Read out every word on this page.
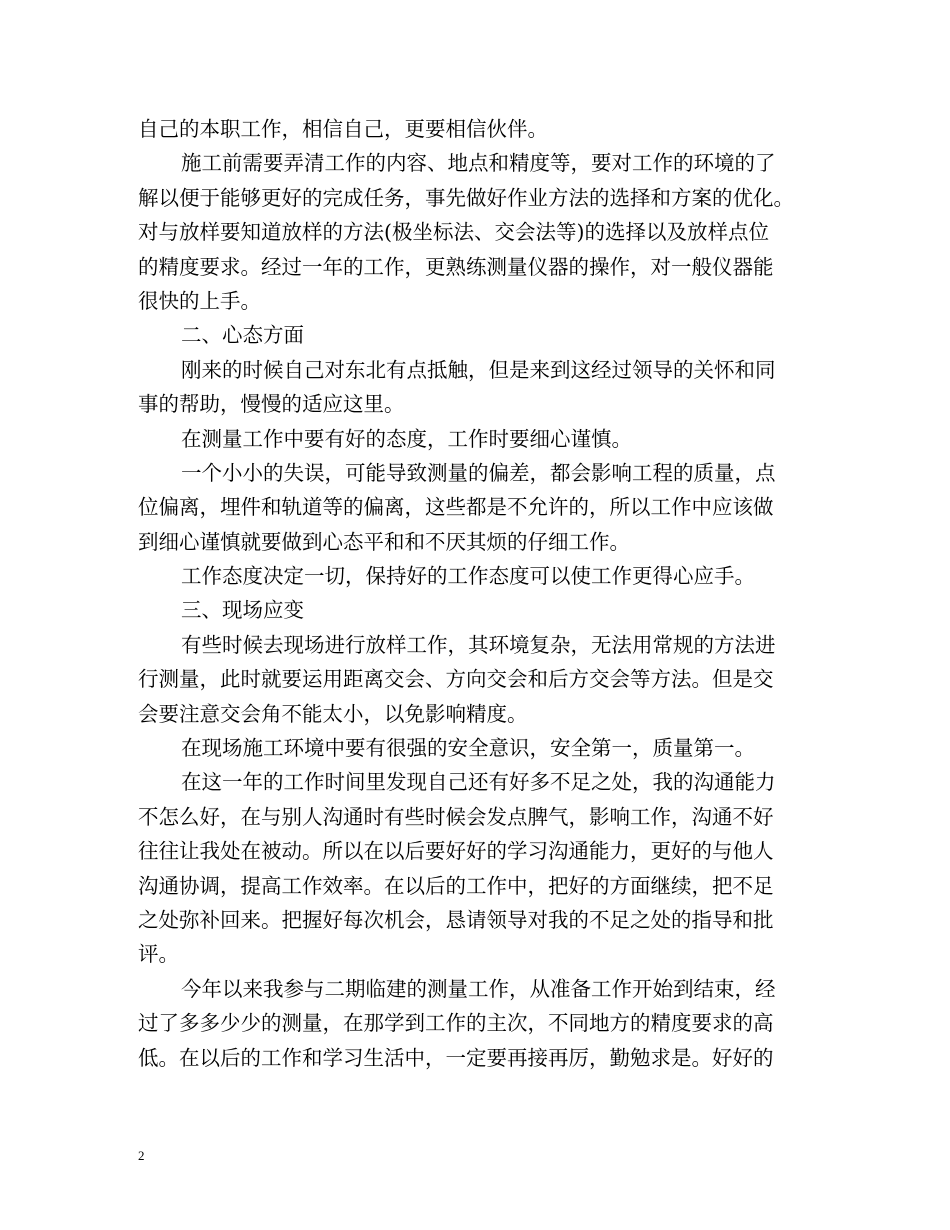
自己的本职工作，相信自己，更要相信伙伴。
施工前需要弄清工作的内容、地点和精度等，要对工作的环境的了
解以便于能够更好的完成任务，事先做好作业方法的选择和方案的优化。
对与放样要知道放样的方法(极坐标法、交会法等)的选择以及放样点位
的精度要求。经过一年的工作，更熟练测量仪器的操作，对一般仪器能
很快的上手。
二、心态方面
刚来的时候自己对东北有点抵触，但是来到这经过领导的关怀和同
事的帮助，慢慢的适应这里。
在测量工作中要有好的态度，工作时要细心谨慎。
一个小小的失误，可能导致测量的偏差，都会影响工程的质量，点
位偏离，埋件和轨道等的偏离，这些都是不允许的，所以工作中应该做
到细心谨慎就要做到心态平和和不厌其烦的仔细工作。
工作态度决定一切，保持好的工作态度可以使工作更得心应手。
三、现场应变
有些时候去现场进行放样工作，其环境复杂，无法用常规的方法进
行测量，此时就要运用距离交会、方向交会和后方交会等方法。但是交
会要注意交会角不能太小，以免影响精度。
在现场施工环境中要有很强的安全意识，安全第一，质量第一。
在这一年的工作时间里发现自己还有好多不足之处，我的沟通能力
不怎么好，在与别人沟通时有些时候会发点脾气，影响工作，沟通不好
往往让我处在被动。所以在以后要好好的学习沟通能力，更好的与他人
沟通协调，提高工作效率。在以后的工作中，把好的方面继续，把不足
之处弥补回来。把握好每次机会，恳请领导对我的不足之处的指导和批
评。
今年以来我参与二期临建的测量工作，从准备工作开始到结束，经
过了多多少少的测量，在那学到工作的主次，不同地方的精度要求的高
低。在以后的工作和学习生活中，一定要再接再厉，勤勉求是。好好的
2
